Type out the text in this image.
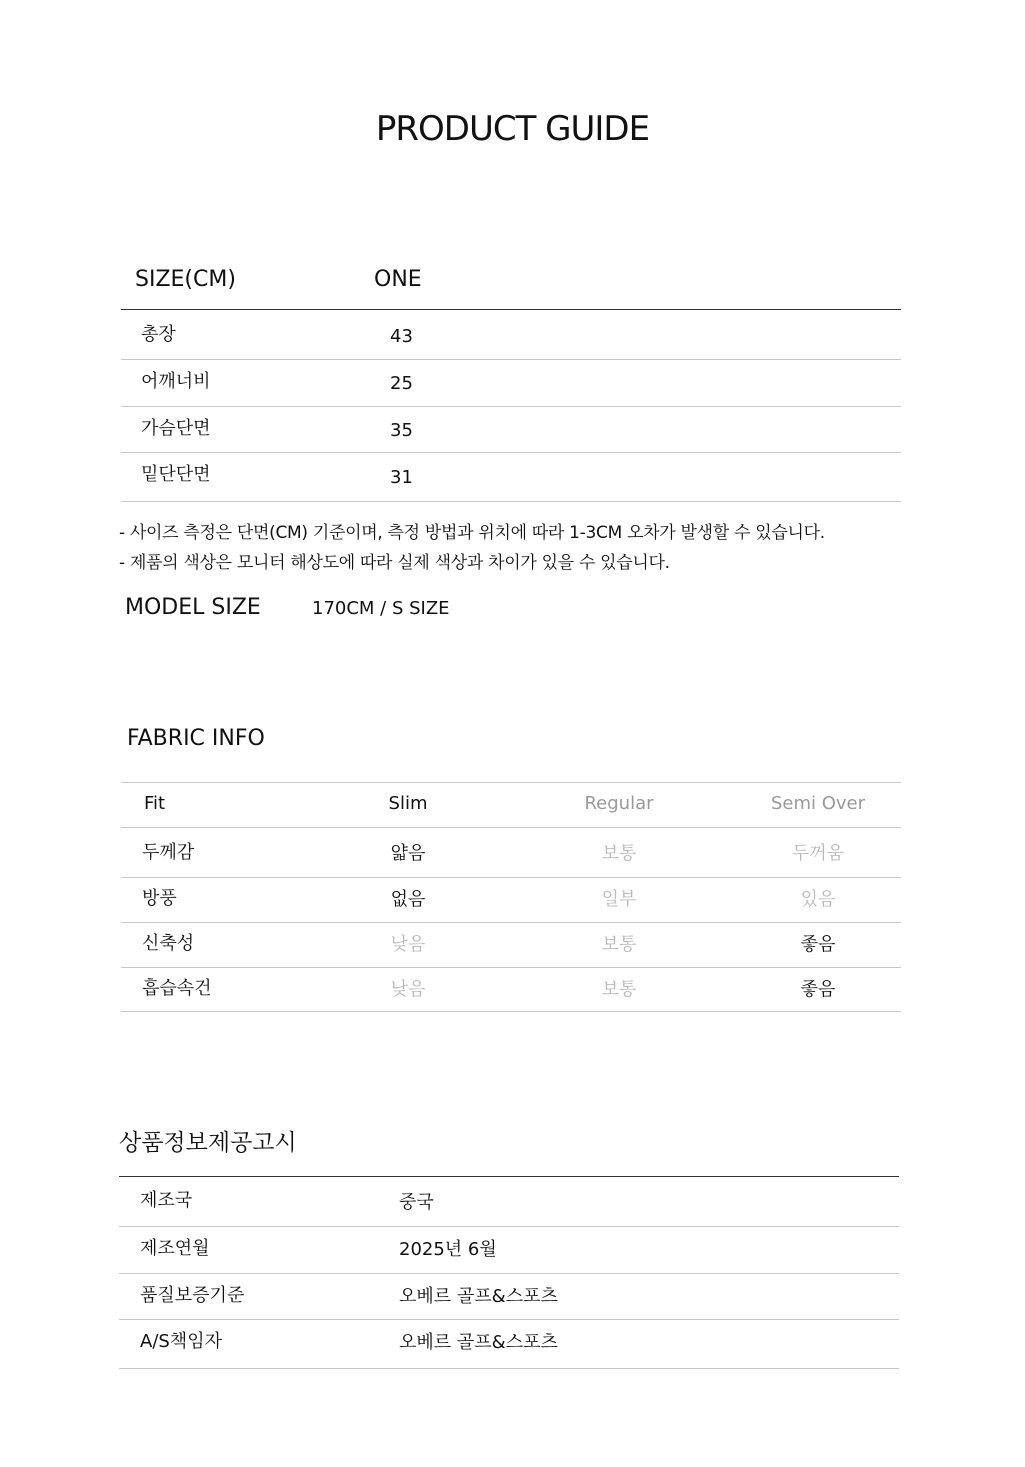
PRODUCT GUIDE
SIZE(CM)	ONE
총장	43
어깨너비	25
가슴단면	35
밑단단면	31
- 사이즈 측정은 단면(CM) 기준이며, 측정 방법과 위치에 따라 1-3CM 오차가 발생할 수 있습니다.
- 제품의 색상은 모니터 해상도에 따라 실제 색상과 차이가 있을 수 있습니다.
MODEL SIZE	170CM / S SIZE
FABRIC INFO
Fit	Slim	Regular	Semi Over
두께감	얇음	보통	두꺼움
방풍	없음	일부	있음
신축성	낮음	보통	좋음
흡습속건	낮음	보통	좋음
상품정보제공고시
제조국	중국
제조연월	2025년 6월
품질보증기준	오베르 골프&스포츠
A/S책임자	오베르 골프&스포츠
